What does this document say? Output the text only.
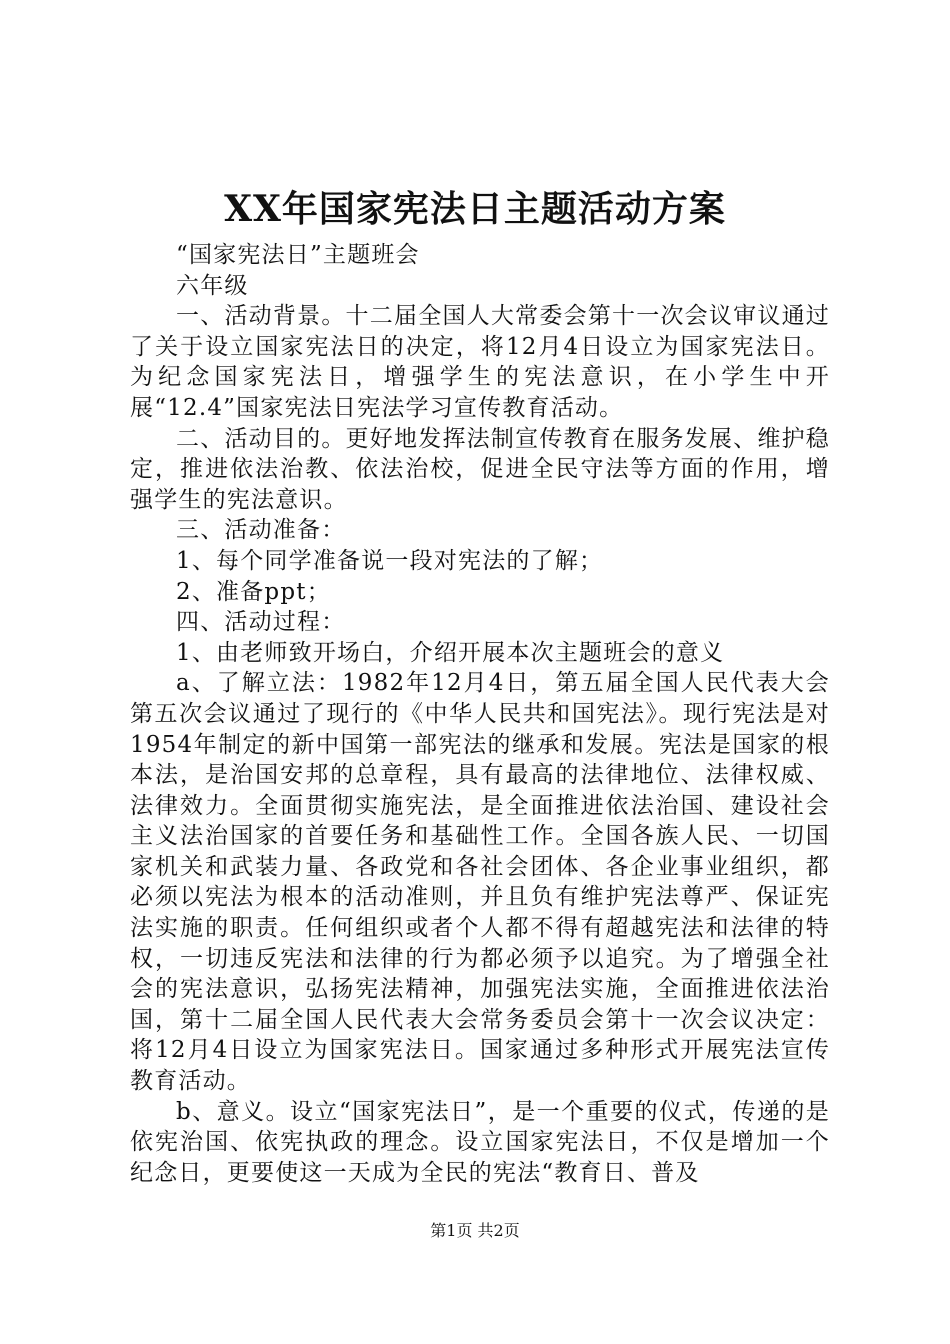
XX年国家宪法日主题活动方案

“国家宪法日”主题班会

六年级

一、活动背景。十二届全国人大常委会第十一次会议审议通过了关于设立国家宪法日的决定，将12月4日设立为国家宪法日。为纪念国家宪法日，增强学生的宪法意识，在小学生中开展“12.4”国家宪法日宪法学习宣传教育活动。

二、活动目的。更好地发挥法制宣传教育在服务发展、维护稳定，推进依法治教、依法治校，促进全民守法等方面的作用，增强学生的宪法意识。

三、活动准备：

1、每个同学准备说一段对宪法的了解；

2、准备ppt；

四、活动过程：

1、由老师致开场白，介绍开展本次主题班会的意义

a、了解立法：1982年12月4日，第五届全国人民代表大会第五次会议通过了现行的《中华人民共和国宪法》。现行宪法是对1954年制定的新中国第一部宪法的继承和发展。宪法是国家的根本法，是治国安邦的总章程，具有最高的法律地位、法律权威、法律效力。全面贯彻实施宪法，是全面推进依法治国、建设社会主义法治国家的首要任务和基础性工作。全国各族人民、一切国家机关和武装力量、各政党和各社会团体、各企业事业组织，都必须以宪法为根本的活动准则，并且负有维护宪法尊严、保证宪法实施的职责。任何组织或者个人都不得有超越宪法和法律的特权，一切违反宪法和法律的行为都必须予以追究。为了增强全社会的宪法意识，弘扬宪法精神，加强宪法实施，全面推进依法治国，第十二届全国人民代表大会常务委员会第十一次会议决定：将12月4日设立为国家宪法日。国家通过多种形式开展宪法宣传教育活动。

b、意义。设立“国家宪法日”，是一个重要的仪式，传递的是依宪治国、依宪执政的理念。设立国家宪法日，不仅是增加一个纪念日，更要使这一天成为全民的宪法“教育日、普及

第1页 共2页
